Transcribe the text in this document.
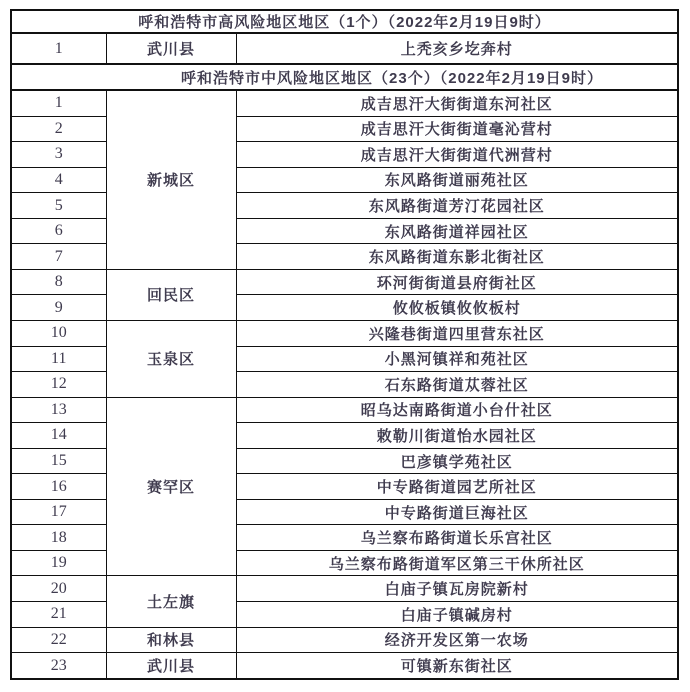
呼和浩特市高风险地区地区（1个）（2022年2月19日9时）		
1	武川县	上秃亥乡圪奔村
呼和浩特市中风险地区地区（23个）（2022年2月19日9时）		
1	新城区	成吉思汗大街街道东河社区
2		成吉思汗大街街道毫沁营村
3		成吉思汗大街街道代洲营村
4		东风路街道丽苑社区
5		东风路街道芳汀花园社区
6		东风路街道祥园社区
7		东风路街道东影北街社区
8	回民区	环河街街道县府街社区
9		攸攸板镇攸攸板村
10	玉泉区	兴隆巷街道四里营东社区
11		小黑河镇祥和苑社区
12		石东路街道苁蓉社区
13	赛罕区	昭乌达南路街道小台什社区
14		敕勒川街道怡水园社区
15		巴彦镇学苑社区
16		中专路街道园艺所社区
17		中专路街道巨海社区
18		乌兰察布路街道长乐宫社区
19		乌兰察布路街道军区第三干休所社区
20	土左旗	白庙子镇瓦房院新村
21		白庙子镇碱房村
22	和林县	经济开发区第一农场
23	武川县	可镇新东街社区
